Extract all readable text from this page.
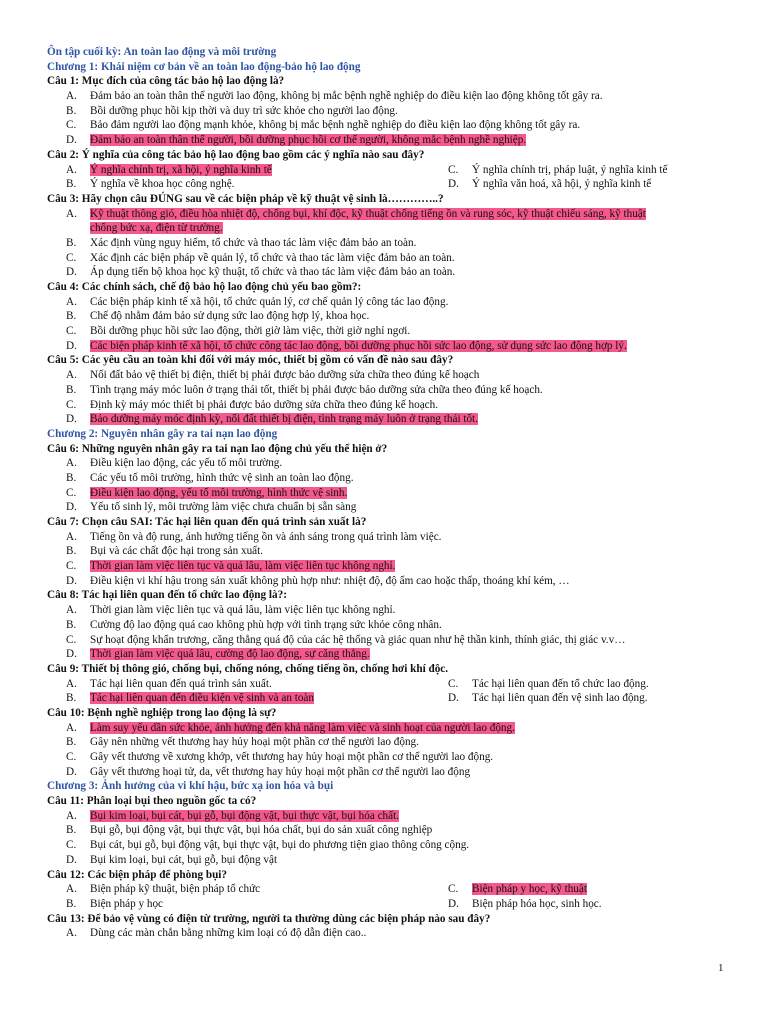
Ôn tập cuối kỳ: An toàn lao động và môi trường
Chương 1: Khái niệm cơ bản về an toàn lao động-bảo hộ lao động
Câu 1: Mục đích của công tác bảo hộ lao động là?
A. Đảm bảo an toàn thân thể người lao động, không bị mắc bệnh nghề nghiệp do điều kiện lao động không tốt gây ra.
B. Bồi dưỡng phục hồi kịp thời và duy trì sức khỏe cho người lao động.
C. Bảo đảm người lao động mạnh khỏe, không bị mắc bệnh nghề nghiệp do điều kiện lao động không tốt gây ra.
D. Đảm bảo an toàn thân thể người, bồi dưỡng phục hồi cơ thể người, không mắc bệnh nghề nghiệp.
Câu 2: Ý nghĩa của công tác bảo hộ lao động bao gồm các ý nghĩa nào sau đây?
A. Ý nghĩa chính trị, xã hội, ý nghĩa kinh tế	C. Ý nghĩa chính trị, pháp luật, ý nghĩa kinh tế
B. Ý nghĩa về khoa học công nghệ.	D. Ý nghĩa văn hoá, xã hội, ý nghĩa kinh tế
Câu 3: Hãy chọn câu ĐÚNG sau về các biện pháp về kỹ thuật vệ sinh là…………..?
A. Kỹ thuật thông gió, điều hòa nhiệt độ, chống bụi, khí độc, kỹ thuật chống tiếng ồn và rung sóc, kỹ thuật chiếu sáng, kỹ thuật
chống bức xạ, điện từ trường.
B. Xác định vùng nguy hiểm, tổ chức và thao tác làm việc đảm bảo an toàn.
C. Xác định các biện pháp về quản lý, tổ chức và thao tác làm việc đảm bảo an toàn.
D. Áp dụng tiến bộ khoa học kỹ thuật, tổ chức và thao tác làm việc đảm bảo an toàn.
Câu 4: Các chính sách, chế độ bảo hộ lao động chủ yếu bao gồm?:
A. Các biện pháp kinh tế xã hội, tổ chức quản lý, cơ chế quản lý công tác lao động.
B. Chế độ nhằm đảm bảo sử dụng sức lao động hợp lý, khoa học.
C. Bồi dưỡng phục hồi sức lao động, thời giờ làm việc, thời giờ nghỉ ngơi.
D. Các biện pháp kinh tế xã hội, tổ chức công tác lao động, bồi dưỡng phục hồi sức lao động, sử dụng sức lao động hợp lý.
Câu 5: Các yêu cầu an toàn khi đối với máy móc, thiết bị gồm có vấn đề nào sau đây?
A. Nối đất bảo vệ thiết bị điện, thiết bị phải được bảo dưỡng sửa chữa theo đúng kế hoạch
B. Tình trạng máy móc luôn ở trạng thái tốt, thiết bị phải được bảo dưỡng sửa chữa theo đúng kế hoạch.
C. Định kỳ máy móc thiết bị phải được bảo dưỡng sửa chữa theo đúng kế hoạch.
D. Bảo dưỡng máy móc định kỳ, nối đất thiết bị điện, tình trạng máy luôn ở trạng thái tốt.
Chương 2: Nguyên nhân gây ra tai nạn lao động
Câu 6: Những nguyên nhân gây ra tai nạn lao động chủ yếu thể hiện ở?
A. Điều kiện lao động, các yếu tố môi trường.
B. Các yếu tố môi trường, hình thức vệ sinh an toàn lao động.
C. Điều kiện lao động, yếu tố môi trường, hình thức vệ sinh.
D. Yếu tố sinh lý, môi trường làm việc chưa chuẩn bị sẵn sàng
Câu 7: Chọn câu SAI: Tác hại liên quan đến quá trình sản xuất là?
A. Tiếng ồn và độ rung, ảnh hưởng tiếng ồn và ánh sáng trong quá trình làm việc.
B. Bụi và các chất độc hại trong sản xuất.
C. Thời gian làm việc liên tục và quá lâu, làm việc liên tục không nghỉ.
D. Điều kiện vi khí hậu trong sản xuất không phù hợp như: nhiệt độ, độ ẩm cao hoặc thấp, thoáng khí kém, …
Câu 8: Tác hại liên quan đến tổ chức lao động là?:
A. Thời gian làm việc liên tục và quá lâu, làm việc liên tục không nghỉ.
B. Cường độ lao động quá cao không phù hợp với tình trạng sức khỏe công nhân.
C. Sự hoạt động khẩn trương, căng thẳng quá độ của các hệ thống và giác quan như hệ thần kinh, thính giác, thị giác v.v…
D. Thời gian làm việc quá lâu, cường độ lao động, sự căng thẳng.
Câu 9: Thiết bị thông gió, chống bụi, chống nóng, chống tiếng ồn, chống hơi khí độc.
A. Tác hại liên quan đến quá trình sản xuất.	C. Tác hại liên quan đến tổ chức lao động.
B. Tác hại liên quan đến điều kiện vệ sinh và an toàn	D. Tác hại liên quan đến vệ sinh lao động.
Câu 10: Bệnh nghề nghiệp trong lao động là sự?
A. Làm suy yếu dần sức khỏe, ảnh hưởng đến khả năng làm việc và sinh hoạt của người lao động.
B. Gây nên những vết thương hay hủy hoại một phần cơ thể người lao động.
C. Gây vết thương về xương khớp, vết thương hay hủy hoại một phần cơ thể người lao động.
D. Gây vết thương hoại tử, da, vết thương hay hủy hoại một phần cơ thể người lao động
Chương 3: Ảnh hưởng của vi khí hậu, bức xạ ion hóa và bụi
Câu 11: Phân loại bụi theo nguồn gốc ta có?
A. Bụi kim loại, bụi cát, bụi gỗ, bụi động vật, bụi thực vật, bụi hóa chất.
B. Bụi gỗ, bụi động vật, bụi thực vật, bụi hóa chất, bụi do sản xuất công nghiệp
C. Bụi cát, bụi gỗ, bụi động vật, bụi thực vật, bụi do phương tiện giao thông công cộng.
D. Bụi kim loại, bụi cát, bụi gỗ, bụi động vật
Câu 12: Các biện pháp để phòng bụi?
A. Biện pháp kỹ thuật, biện pháp tổ chức	C. Biện pháp y học, kỹ thuật
B. Biện pháp y học	D. Biện pháp hóa học, sinh học.
Câu 13: Để bảo vệ vùng có điện từ trường, người ta thường dùng các biện pháp nào sau đây?
A. Dùng các màn chắn bằng những kim loại có độ dẫn điện cao..
1
